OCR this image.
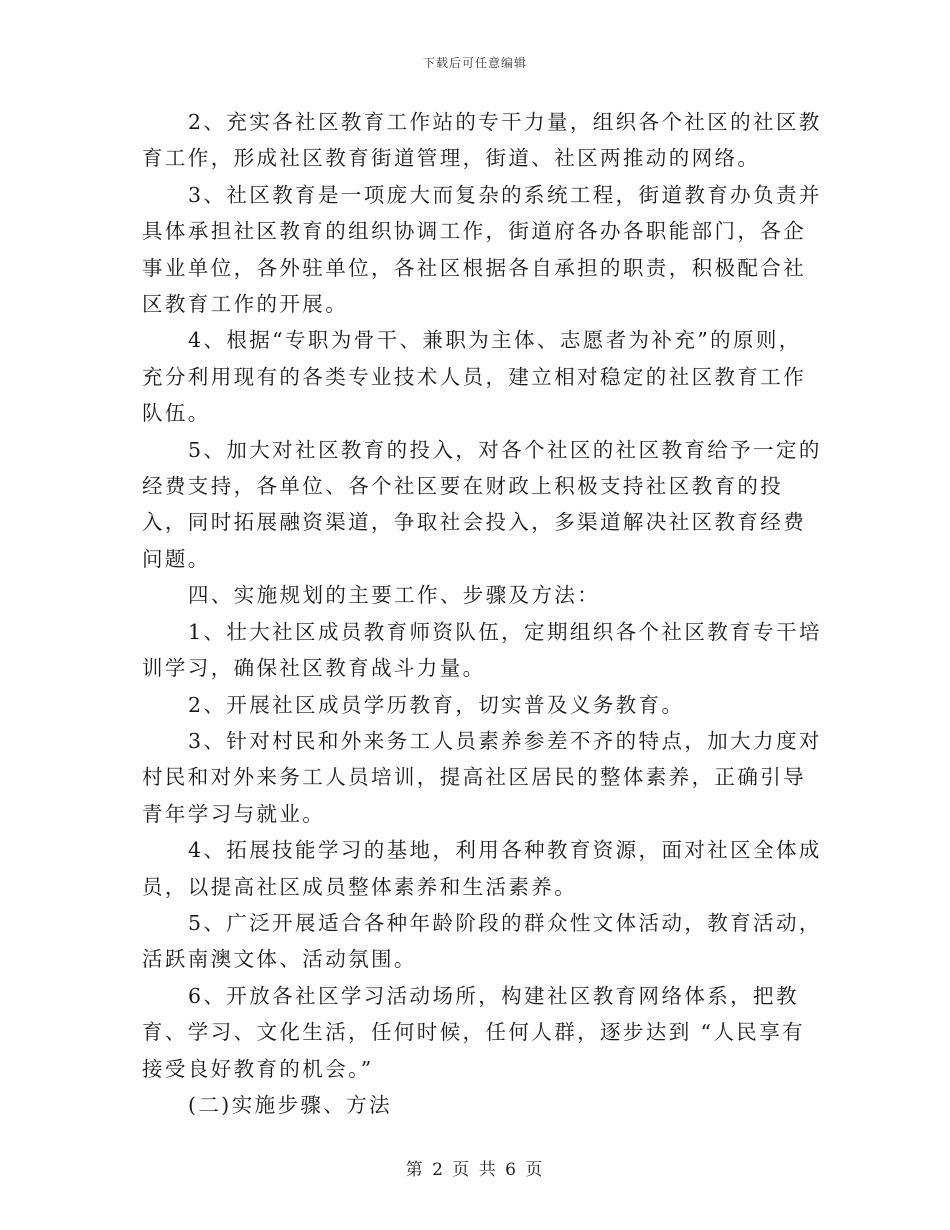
下载后可任意编辑

2、充实各社区教育工作站的专干力量，组织各个社区的社区教育工作，形成社区教育街道管理，街道、社区两推动的网络。

3、社区教育是一项庞大而复杂的系统工程，街道教育办负责并具体承担社区教育的组织协调工作，街道府各办各职能部门，各企事业单位，各外驻单位，各社区根据各自承担的职责，积极配合社区教育工作的开展。

4、根据“专职为骨干、兼职为主体、志愿者为补充”的原则，充分利用现有的各类专业技术人员，建立相对稳定的社区教育工作队伍。

5、加大对社区教育的投入，对各个社区的社区教育给予一定的经费支持，各单位、各个社区要在财政上积极支持社区教育的投入，同时拓展融资渠道，争取社会投入，多渠道解决社区教育经费问题。

四、实施规划的主要工作、步骤及方法：

1、壮大社区成员教育师资队伍，定期组织各个社区教育专干培训学习，确保社区教育战斗力量。

2、开展社区成员学历教育，切实普及义务教育。

3、针对村民和外来务工人员素养参差不齐的特点，加大力度对村民和对外来务工人员培训，提高社区居民的整体素养，正确引导青年学习与就业。

4、拓展技能学习的基地，利用各种教育资源，面对社区全体成员，以提高社区成员整体素养和生活素养。

5、广泛开展适合各种年龄阶段的群众性文体活动，教育活动，活跃南澳文体、活动氛围。

6、开放各社区学习活动场所，构建社区教育网络体系，把教育、学习、文化生活，任何时候，任何人群，逐步达到 “人民享有接受良好教育的机会。”

(二)实施步骤、方法

第 2 页 共 6 页
